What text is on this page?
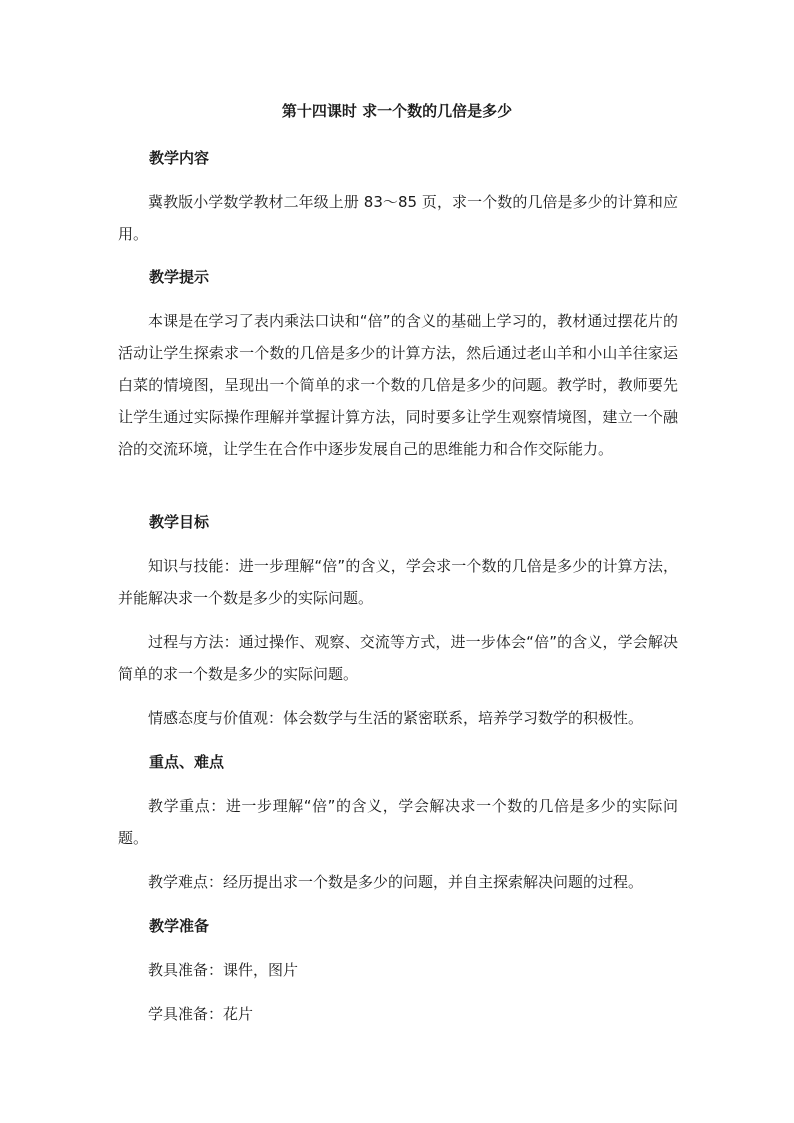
第十四课时 求一个数的几倍是多少
教学内容
冀教版小学数学教材二年级上册 83～85 页，求一个数的几倍是多少的计算和应用。
教学提示
本课是在学习了表内乘法口诀和“倍”的含义的基础上学习的，教材通过摆花片的活动让学生探索求一个数的几倍是多少的计算方法，然后通过老山羊和小山羊往家运白菜的情境图，呈现出一个简单的求一个数的几倍是多少的问题。教学时，教师要先让学生通过实际操作理解并掌握计算方法，同时要多让学生观察情境图，建立一个融洽的交流环境，让学生在合作中逐步发展自己的思维能力和合作交际能力。
教学目标
知识与技能：进一步理解“倍”的含义，学会求一个数的几倍是多少的计算方法，并能解决求一个数是多少的实际问题。
过程与方法：通过操作、观察、交流等方式，进一步体会“倍”的含义，学会解决简单的求一个数是多少的实际问题。
情感态度与价值观：体会数学与生活的紧密联系，培养学习数学的积极性。
重点、难点
教学重点：进一步理解“倍”的含义，学会解决求一个数的几倍是多少的实际问题。
教学难点：经历提出求一个数是多少的问题，并自主探索解决问题的过程。
教学准备
教具准备：课件，图片
学具准备：花片
